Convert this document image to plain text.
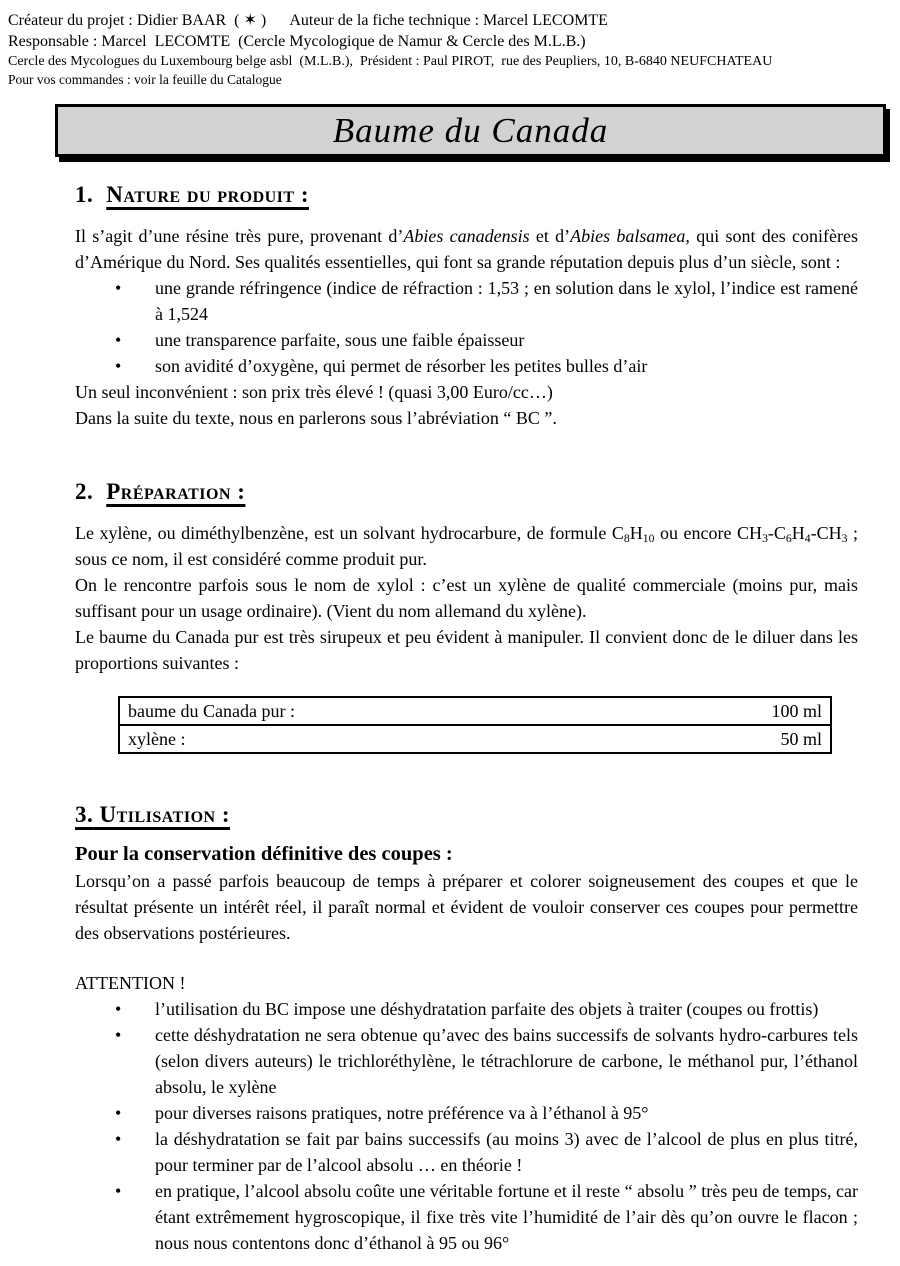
Créateur du projet : Didier BAAR  ( ✶ )      Auteur de la fiche technique : Marcel LECOMTE
Responsable : Marcel  LECOMTE  (Cercle Mycologique de Namur & Cercle des M.L.B.)
Cercle des Mycologues du Luxembourg belge asbl  (M.L.B.),  Président : Paul PIROT,  rue des Peupliers, 10, B-6840 NEUFCHATEAU
Pour vos commandes : voir la feuille du Catalogue
Baume du Canada
1. Nature du produit :

Il s’agit d’une résine très pure, provenant d’Abies canadensis et d’Abies balsamea, qui sont des conifères d’Amérique du Nord. Ses qualités essentielles, qui font sa grande réputation depuis plus d’un siècle, sont :

• une grande réfringence (indice de réfraction : 1,53 ; en solution dans le xylol, l’indice est ramené à 1,524
• une transparence parfaite, sous une faible épaisseur
• son avidité d’oxygène, qui permet de résorber les petites bulles d’air

Un seul inconvénient : son prix très élevé ! (quasi 3,00 Euro/cc…)

Dans la suite du texte, nous en parlerons sous l’abréviation “ BC ”.

2. Préparation :

Le xylène, ou diméthylbenzène, est un solvant hydrocarbure, de formule C8H10 ou encore CH3-C6H4-CH3 ; sous ce nom, il est considéré comme produit pur.

On le rencontre parfois sous le nom de xylol : c’est un xylène de qualité commerciale (moins pur, mais suffisant pour un usage ordinaire). (Vient du nom allemand du xylène).

Le baume du Canada pur est très sirupeux et peu évident à manipuler. Il convient donc de le diluer dans les proportions suivantes :

baume du Canada pur :	100 ml
xylène :	50 ml
3. Utilisation :
Pour la conservation définitive des coupes :

Lorsqu’on a passé parfois beaucoup de temps à préparer et colorer soigneusement des coupes et que le résultat présente un intérêt réel, il paraît normal et évident de vouloir conserver ces coupes pour permettre des observations postérieures.

ATTENTION !

• l’utilisation du BC impose une déshydratation parfaite des objets à traiter (coupes ou frottis)
• cette déshydratation ne sera obtenue qu’avec des bains successifs de solvants hydro-carbures tels (selon divers auteurs) le trichloréthylène, le tétrachlorure de carbone, le méthanol pur, l’éthanol absolu, le xylène
• pour diverses raisons pratiques, notre préférence va à l’éthanol à 95°
• la déshydratation se fait par bains successifs (au moins 3) avec de l’alcool de plus en plus titré, pour terminer par de l’alcool absolu … en théorie !
• en pratique, l’alcool absolu coûte une véritable fortune et il reste “ absolu ” très peu de temps, car étant extrêmement hygroscopique, il fixe très vite l’humidité de l’air dès qu’on ouvre le flacon ; nous nous contentons donc d’éthanol à 95 ou 96°
